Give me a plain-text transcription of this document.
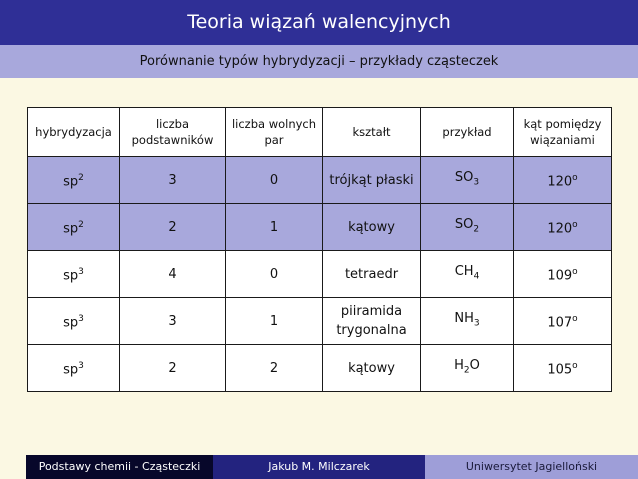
Teoria wiązań walencyjnych
Porównanie typów hybrydyzacji – przykłady cząsteczek
hybrydyzacja	liczba podstawników	liczba wolnych par	kształt	przykład	kąt pomiędzy wiązaniami
$sp^2$	3	0	trójkąt płaski	$SO_3$	120$^o$
$sp^2$	2	1	kątowy	$SO_2$	120$^o$
$sp^3$	4	0	tetraedr	$CH_4$	109$^o$
$sp^3$	3	1	piiramida trygonalna	$NH_3$	107$^o$
$sp^3$	2	2	kątowy	$H_2O$	105$^o$
Podstawy chemii - Cząsteczki	Jakub M. Milczarek	Uniwersytet Jagielloński
